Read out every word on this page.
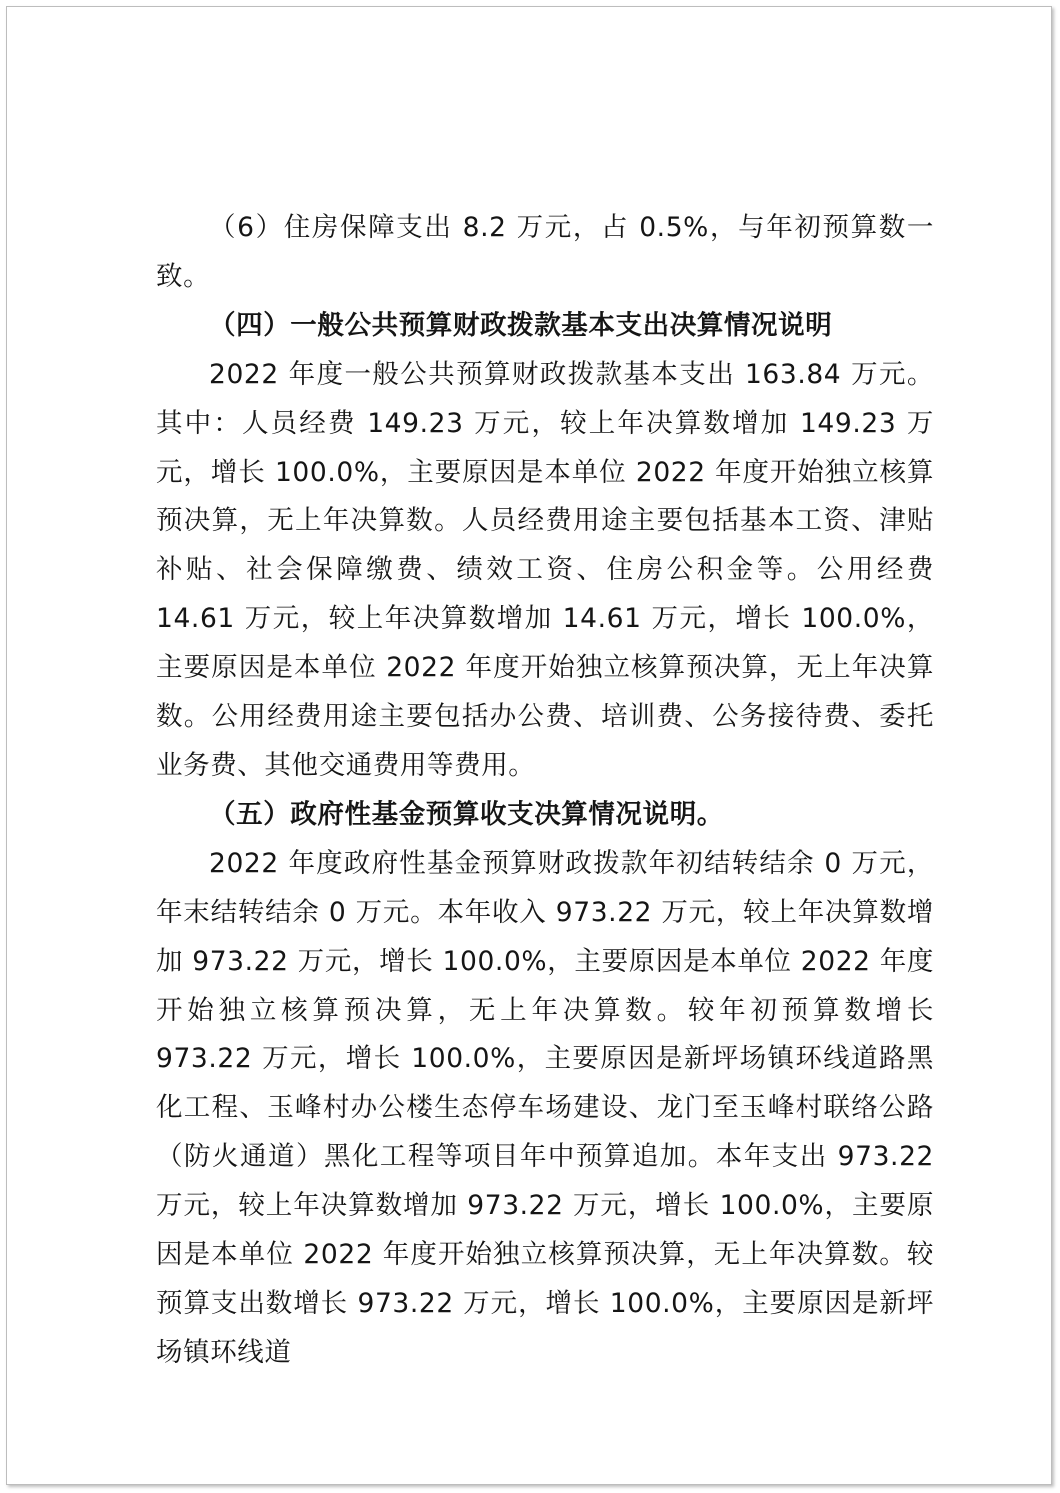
（6）住房保障支出 8.2 万元，占 0.5%，与年初预算数一致。

（四）一般公共预算财政拨款基本支出决算情况说明

2022 年度一般公共预算财政拨款基本支出 163.84 万元。其中：人员经费 149.23 万元，较上年决算数增加 149.23 万元，增长 100.0%，主要原因是本单位 2022 年度开始独立核算预决算，无上年决算数。人员经费用途主要包括基本工资、津贴补贴、社会保障缴费、绩效工资、住房公积金等。公用经费 14.61 万元，较上年决算数增加 14.61 万元，增长 100.0%，主要原因是本单位 2022 年度开始独立核算预决算，无上年决算数。公用经费用途主要包括办公费、培训费、公务接待费、委托业务费、其他交通费用等费用。

（五）政府性基金预算收支决算情况说明。

2022 年度政府性基金预算财政拨款年初结转结余 0 万元，年末结转结余 0 万元。本年收入 973.22 万元，较上年决算数增加 973.22 万元，增长 100.0%，主要原因是本单位 2022 年度开始独立核算预决算，无上年决算数。较年初预算数增长 973.22 万元，增长 100.0%，主要原因是新坪场镇环线道路黑化工程、玉峰村办公楼生态停车场建设、龙门至玉峰村联络公路（防火通道）黑化工程等项目年中预算追加。本年支出 973.22 万元，较上年决算数增加 973.22 万元，增长 100.0%，主要原因是本单位 2022 年度开始独立核算预决算，无上年决算数。较预算支出数增长 973.22 万元，增长 100.0%，主要原因是新坪场镇环线道
